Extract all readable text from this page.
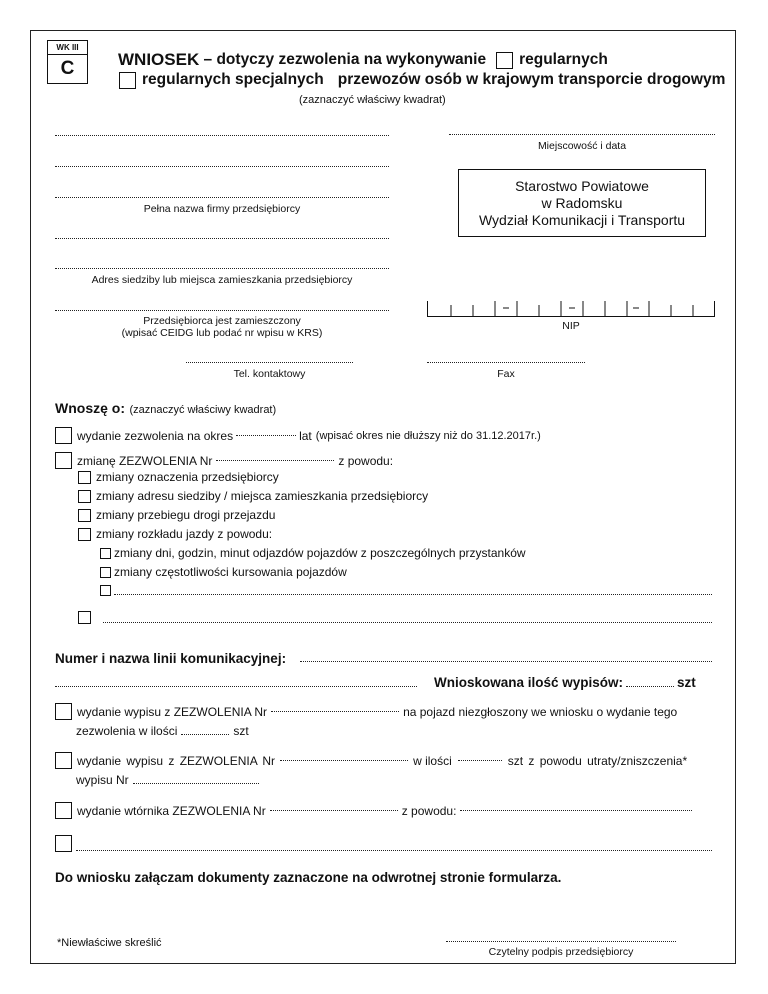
WK III
C	WNIOSEK – dotyczy zezwolenia na wykonywanie regularnych
regularnych specjalnych przewozów osób w krajowym transporcie drogowym
(zaznaczyć właściwy kwadrat)
Pełna nazwa firmy przedsiębiorcy
Adres siedziby lub miejsca zamieszkania przedsiębiorcy
Przedsiębiorca jest zamieszczony
(wpisać CEIDG lub podać nr wpisu w KRS)
Miejscowość i data
Starostwo Powiatowe
w Radomsku
Wydział Komunikacji i Transportu
NIP
Tel. kontaktowy	Fax
Wnoszę o: (zaznaczyć właściwy kwadrat)
wydanie zezwolenia na okres	lat (wpisać okres nie dłuższy niż do 31.12.2017r.)
zmianę ZEZWOLENIA Nr	z powodu:
zmiany oznaczenia przedsiębiorcy
zmiany adresu siedziby / miejsca zamieszkania przedsiębiorcy
zmiany przebiegu drogi przejazdu
zmiany rozkładu jazdy z powodu:
zmiany dni, godzin, minut odjazdów pojazdów z poszczególnych przystanków
zmiany częstotliwości kursowania pojazdów
Numer i nazwa linii komunikacyjnej:
Wnioskowana ilość wypisów:	szt
wydanie wypisu z ZEZWOLENIA Nr	na pojazd niezgłoszony we wniosku o wydanie tego
zezwolenia w ilości	szt
wydanie wypisu z ZEZWOLENIA Nr	w ilości	szt z powodu utraty/zniszczenia*
wypisu Nr
wydanie wtórnika ZEZWOLENIA Nr	z powodu:
Do wniosku załączam dokumenty zaznaczone na odwrotnej stronie formularza.
*Niewłaściwe skreślić
Czytelny podpis przedsiębiorcy
